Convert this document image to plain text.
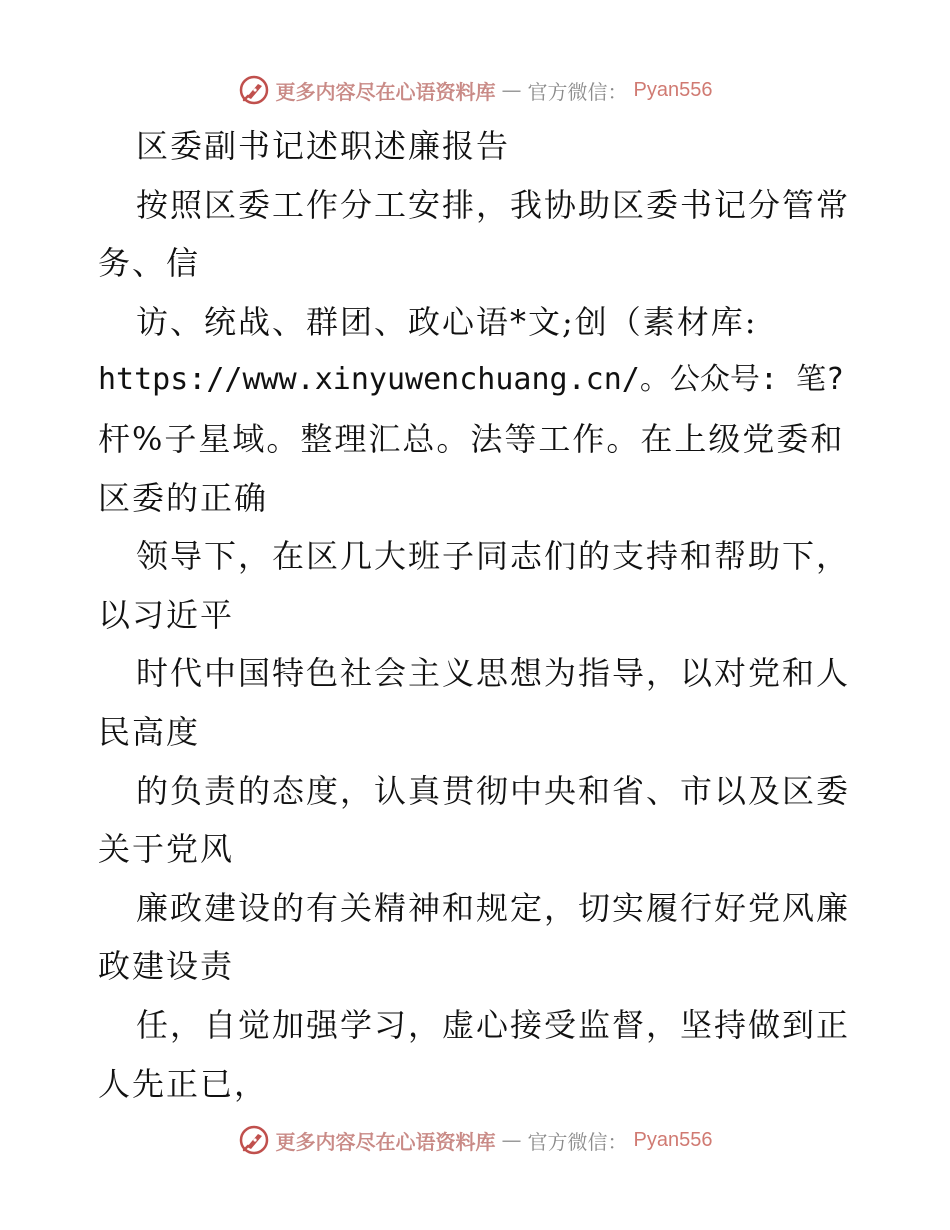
更多内容尽在心语资料库 — 官方微信： Pyan556
区委副书记述职述廉报告
按照区委工作分工安排，我协助区委书记分管常
务、信
访、统战、群团、政心语*文;创（素材库:
https://www.xinyuwenchuang.cn/。公众号: 笔?
杆%子星域。整理汇总。法等工作。在上级党委和
区委的正确
领导下，在区几大班子同志们的支持和帮助下，
以习近平
时代中国特色社会主义思想为指导，以对党和人
民高度
的负责的态度，认真贯彻中央和省、市以及区委
关于党风
廉政建设的有关精神和规定，切实履行好党风廉
政建设责
任，自觉加强学习，虚心接受监督，坚持做到正
人先正已，
更多内容尽在心语资料库 — 官方微信： Pyan556
